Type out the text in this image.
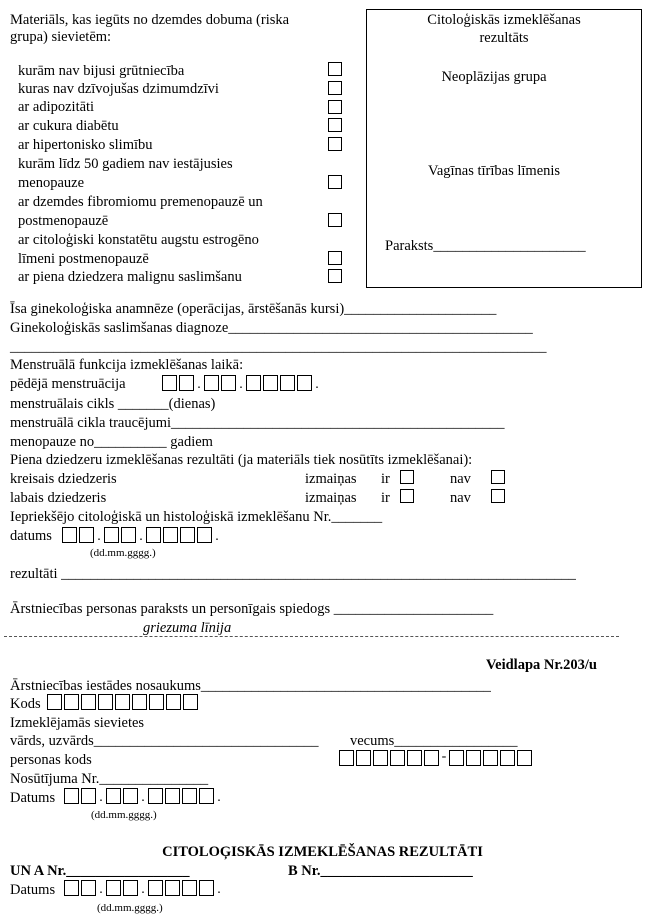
Materiāls, kas iegūts no dzemdes dobuma (riska
grupa) sievietēm:
kurām nav bijusi grūtniecība
kuras nav dzīvojušas dzimumdzīvi
ar adipozitāti
ar cukura diabētu
ar hipertonisko slimību
kurām līdz 50 gadiem nav iestājusies
menopauze
ar dzemdes fibromiomu premenopauzē un
postmenopauzē
ar citoloģiski konstatētu augstu estrogēno
līmeni postmenopauzē
ar piena dziedzera malignu saslimšanu
Citoloģiskās izmeklēšanas
rezultāts
Neoplāzijas grupa
Vagīnas tīrības līmenis
Paraksts_____________________
Īsa ginekoloģiska anamnēze (operācijas, ārstēšanās kursi)_____________________
Ginekoloģiskās saslimšanas diagnoze__________________________________________
__________________________________________________________________________
Menstruālā funkcija izmeklēšanas laikā:
pēdējā menstruācija	.	.	.
menstruālais cikls _______(dienas)
menstruālā cikla traucējumi______________________________________________
menopauze no__________ gadiem
Piena dziedzeru izmeklēšanas rezultāti (ja materiāls tiek nosūtīts izmeklēšanai):
kreisais dziedzeris	izmaiņas ir	nav
labais dziedzeris	izmaiņas ir	nav
Iepriekšējo citoloģiskā un histoloģiskā izmeklēšanu Nr._______
datums	.	.	.
(dd.mm.gggg.)
rezultāti _______________________________________________________________________
Ārstniecības personas paraksts un personīgais spiedogs ______________________
griezuma līnija
Veidlapa Nr.203/u
Ārstniecības iestādes nosaukums________________________________________
Kods
Izmeklējamās sievietes
vārds, uzvārds_______________________________ vecums_________________
personas kods	-
Nosūtījuma Nr._______________
Datums	.	.	.
(dd.mm.gggg.)
CITOLOĢISKĀS IZMEKLĒŠANAS REZULTĀTI
UN A Nr._________________	B Nr._____________________
Datums	.	.	.
(dd.mm.gggg.)
